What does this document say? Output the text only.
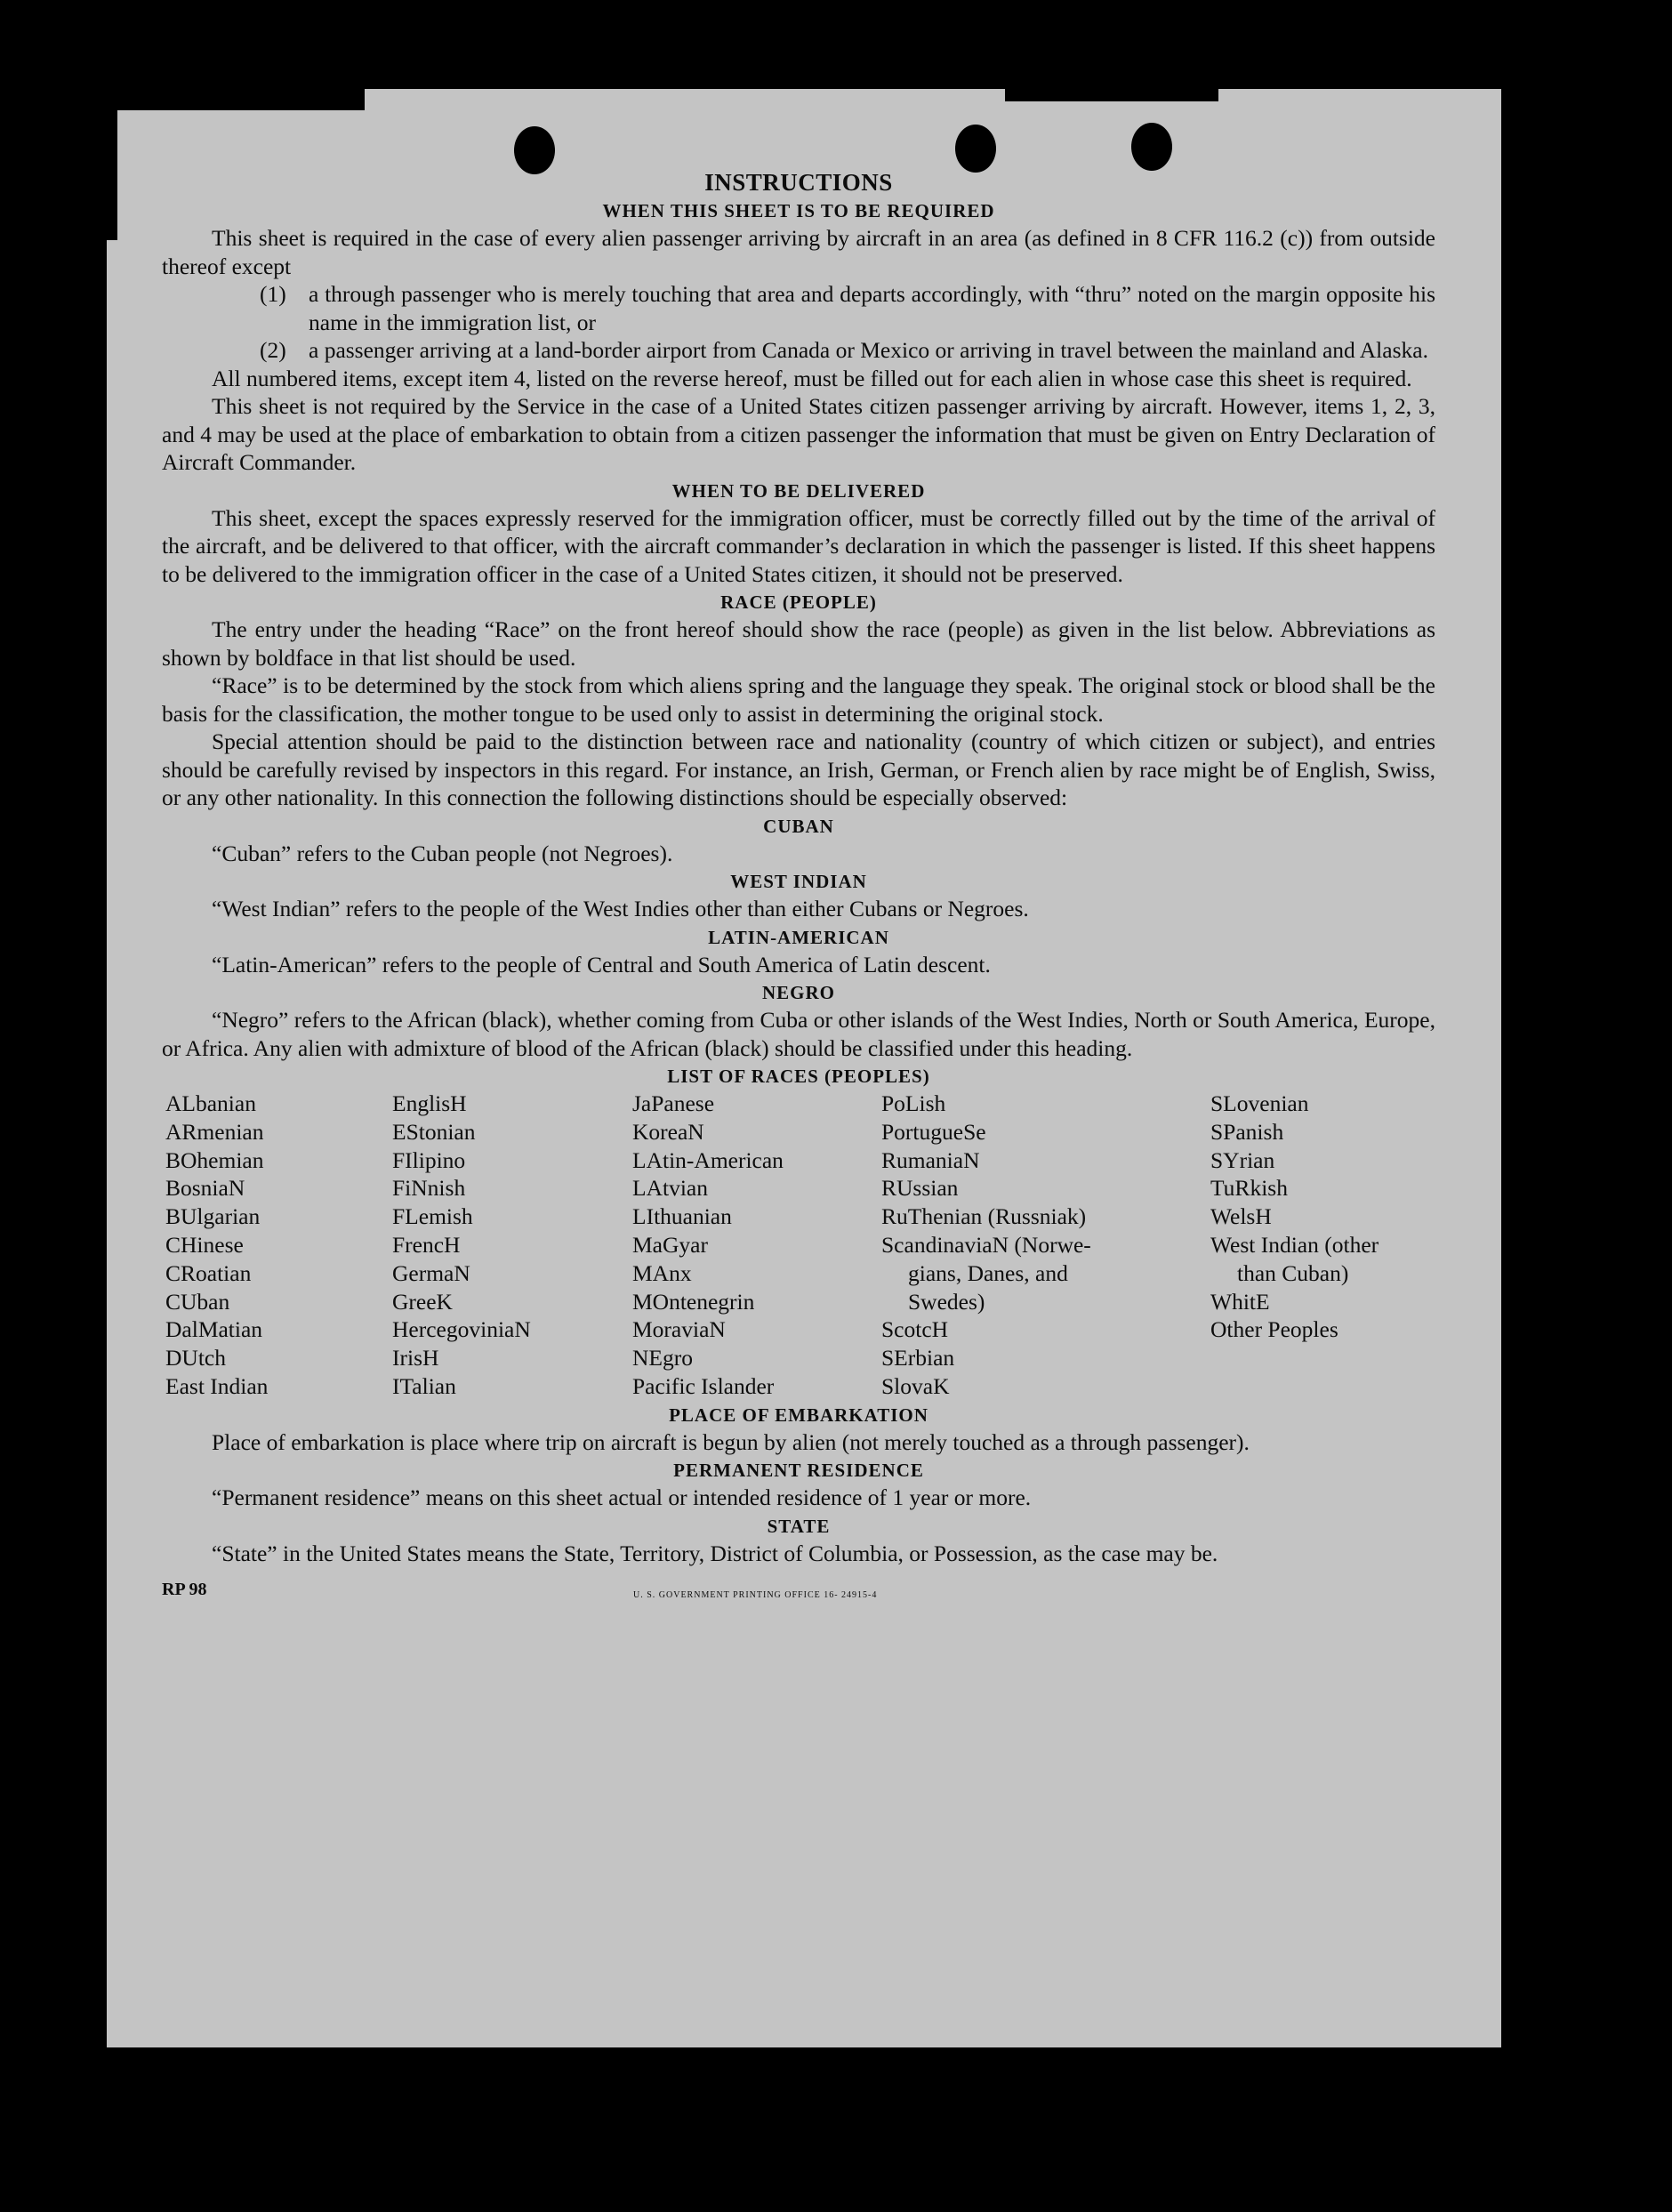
INSTRUCTIONS
WHEN THIS SHEET IS TO BE REQUIRED

This sheet is required in the case of every alien passenger arriving by aircraft in an area (as defined in 8 CFR 116.2 (c)) from outside thereof except

(1) a through passenger who is merely touching that area and departs accordingly, with “thru” noted on the margin opposite his name in the immigration list, or
(2) a passenger arriving at a land-border airport from Canada or Mexico or arriving in travel between the mainland and Alaska.

All numbered items, except item 4, listed on the reverse hereof, must be filled out for each alien in whose case this sheet is required.

This sheet is not required by the Service in the case of a United States citizen passenger arriving by aircraft. However, items 1, 2, 3, and 4 may be used at the place of embarkation to obtain from a citizen passenger the information that must be given on Entry Declaration of Aircraft Commander.

WHEN TO BE DELIVERED

This sheet, except the spaces expressly reserved for the immigration officer, must be correctly filled out by the time of the arrival of the aircraft, and be delivered to that officer, with the aircraft commander’s declaration in which the passenger is listed. If this sheet happens to be delivered to the immigration officer in the case of a United States citizen, it should not be preserved.

RACE (PEOPLE)

The entry under the heading “Race” on the front hereof should show the race (people) as given in the list below. Abbreviations as shown by boldface in that list should be used.

“Race” is to be determined by the stock from which aliens spring and the language they speak. The original stock or blood shall be the basis for the classification, the mother tongue to be used only to assist in determining the original stock.

Special attention should be paid to the distinction between race and nationality (country of which citizen or subject), and entries should be carefully revised by inspectors in this regard. For instance, an Irish, German, or French alien by race might be of English, Swiss, or any other nationality. In this connection the following distinctions should be especially observed:

CUBAN

“Cuban” refers to the Cuban people (not Negroes).

WEST INDIAN

“West Indian” refers to the people of the West Indies other than either Cubans or Negroes.

LATIN-AMERICAN

“Latin-American” refers to the people of Central and South America of Latin descent.

NEGRO

“Negro” refers to the African (black), whether coming from Cuba or other islands of the West Indies, North or South America, Europe, or Africa. Any alien with admixture of blood of the African (black) should be classified under this heading.

LIST OF RACES (PEOPLES)
ALbanian
ARmenian
BOhemian
BosniaN
BUlgarian
CHinese
CRoatian
CUban
DalMatian
DUtch
East Indian
EnglisH
EStonian
FIlipino
FiNnish
FLemish
FrencH
GermaN
GreeK
HercegoviniaN
IrisH
ITalian
JaPanese
KoreaN
LAtin-American
LAtvian
LIthuanian
MaGyar
MAnx
MOntenegrin
MoraviaN
NEgro
Pacific Islander
PoLish
PortugueSe
RumaniaN
RUssian
RuThenian (Russniak)
ScandinaviaN (Norwe-
gians, Danes, and
Swedes)
ScotcH
SErbian
SlovaK
SLovenian
SPanish
SYrian
TuRkish
WelsH
West Indian (other
than Cuban)
WhitE
Other Peoples
PLACE OF EMBARKATION

Place of embarkation is place where trip on aircraft is begun by alien (not merely touched as a through passenger).

PERMANENT RESIDENCE

“Permanent residence” means on this sheet actual or intended residence of 1 year or more.

STATE

“State” in the United States means the State, Territory, District of Columbia, or Possession, as the case may be.

RP 98	U. S. GOVERNMENT PRINTING OFFICE 16- 24915-4
